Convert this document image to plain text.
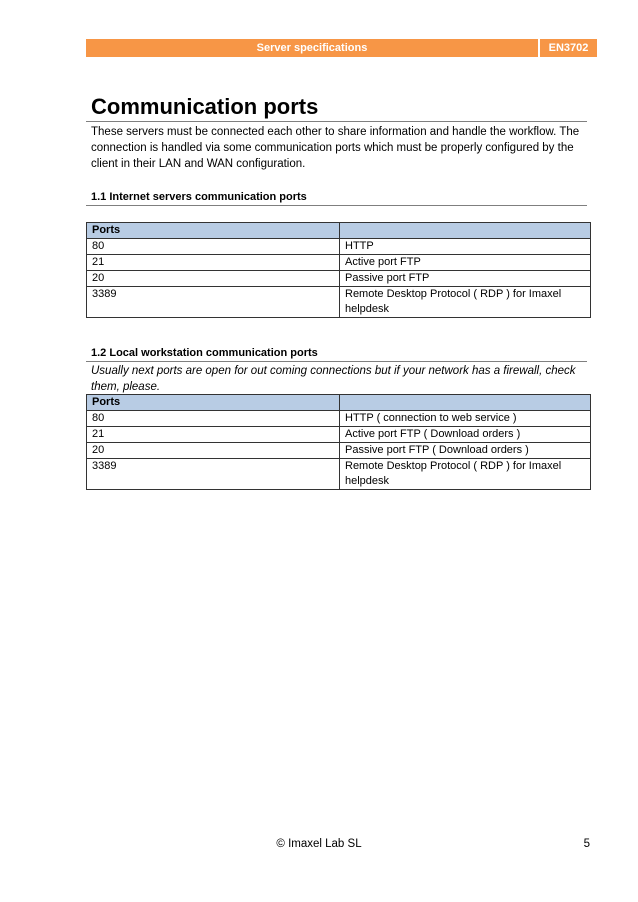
Server specifications	EN3702
Communication ports

These servers must be connected each other to share information and handle the workflow. The connection is handled via some communication ports which must be properly configured by the client in their LAN and WAN configuration.

1.1 Internet servers communication ports
Ports	
80	HTTP
21	Active port FTP
20	Passive port FTP
3389	Remote Desktop Protocol ( RDP ) for Imaxel helpdesk
1.2 Local workstation communication ports

Usually next ports are open for out coming connections but if your network has a firewall, check them, please.

Ports	
80	HTTP ( connection to web service )
21	Active port FTP ( Download orders )
20	Passive port FTP ( Download orders )
3389	Remote Desktop Protocol ( RDP ) for Imaxel helpdesk
© Imaxel Lab SL	5
